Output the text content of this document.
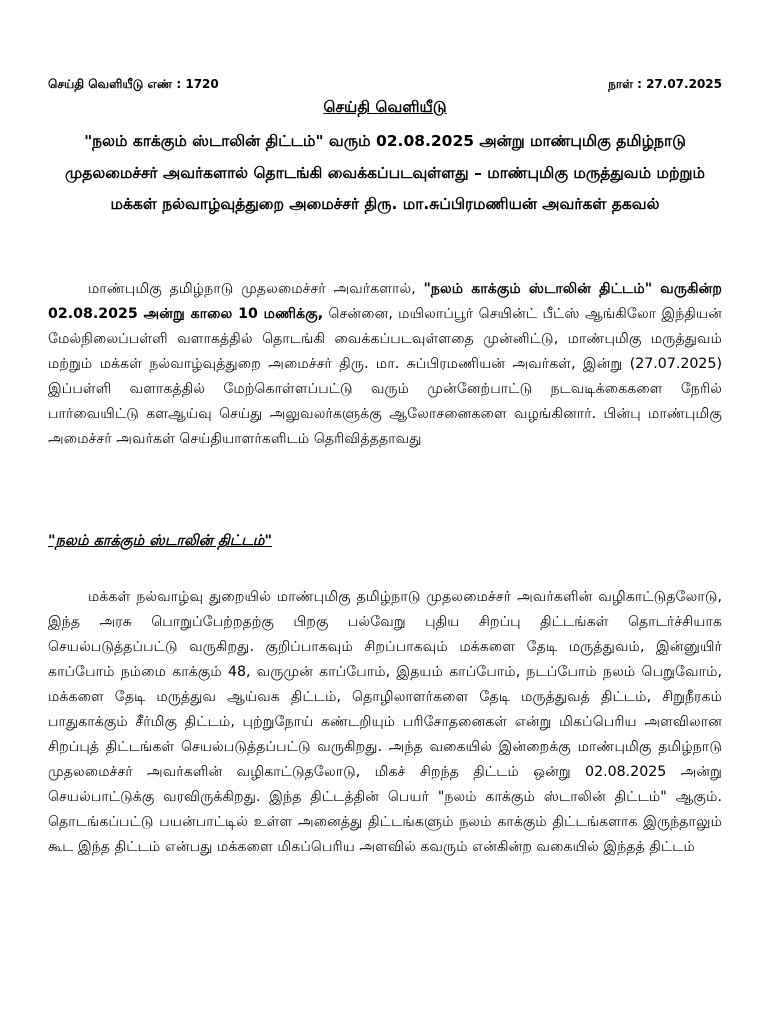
செய்தி வெளியீடு எண் : 1720	நாள் : 27.07.2025
செய்தி வெளியீடு
"நலம் காக்கும் ஸ்டாலின் திட்டம்" வரும் 02.08.2025 அன்று மாண்புமிகு தமிழ்நாடு முதலமைச்சர் அவர்களால் தொடங்கி வைக்கப்படவுள்ளது – மாண்புமிகு மருத்துவம் மற்றும் மக்கள் நல்வாழ்வுத்துறை அமைச்சர் திரு. மா.சுப்பிரமணியன் அவர்கள் தகவல்

மாண்புமிகு தமிழ்நாடு முதலமைச்சர் அவர்களால், "நலம் காக்கும் ஸ்டாலின் திட்டம்" வருகின்ற 02.08.2025 அன்று காலை 10 மணிக்கு, சென்னை, மயிலாப்பூர் செயின்ட் பீட்ஸ் ஆங்கிலோ இந்தியன் மேல்நிலைப்பள்ளி வளாகத்தில் தொடங்கி வைக்கப்படவுள்ளதை முன்னிட்டு, மாண்புமிகு மருத்துவம் மற்றும் மக்கள் நல்வாழ்வுத்துறை அமைச்சர் திரு. மா. சுப்பிரமணியன் அவர்கள், இன்று (27.07.2025) இப்பள்ளி வளாகத்தில் மேற்கொள்ளப்பட்டு வரும் முன்னேற்பாட்டு நடவடிக்கைகளை நேரில் பார்வையிட்டு களஆய்வு செய்து அலுவலர்களுக்கு ஆலோசனைகளை வழங்கினார். பின்பு மாண்புமிகு அமைச்சர் அவர்கள் செய்தியாளர்களிடம் தெரிவித்ததாவது

"நலம் காக்கும் ஸ்டாலின் திட்டம்"

மக்கள் நல்வாழ்வு துறையில் மாண்புமிகு தமிழ்நாடு முதலமைச்சர் அவர்களின் வழிகாட்டுதலோடு, இந்த அரசு பொறுப்பேற்றதற்கு பிறகு பல்வேறு புதிய சிறப்பு திட்டங்கள் தொடர்ச்சியாக செயல்படுத்தப்பட்டு வருகிறது. குறிப்பாகவும் சிறப்பாகவும் மக்களை தேடி மருத்துவம், இன்னுயிர் காப்போம் நம்மை காக்கும் 48, வருமுன் காப்போம், இதயம் காப்போம், நடப்போம் நலம் பெறுவோம், மக்களை தேடி மருத்துவ ஆய்வக திட்டம், தொழிலாளர்களை தேடி மருத்துவத் திட்டம், சிறுநீரகம் பாதுகாக்கும் சீர்மிகு திட்டம், புற்றுநோய் கண்டறியும் பரிசோதனைகள் என்று மிகப்பெரிய அளவிலான சிறப்புத் திட்டங்கள் செயல்படுத்தப்பட்டு வருகிறது. அந்த வகையில் இன்றைக்கு மாண்புமிகு தமிழ்நாடு முதலமைச்சர் அவர்களின் வழிகாட்டுதலோடு, மிகச் சிறந்த திட்டம் ஒன்று 02.08.2025 அன்று செயல்பாட்டுக்கு வரவிருக்கிறது. இந்த திட்டத்தின் பெயர் "நலம் காக்கும் ஸ்டாலின் திட்டம்" ஆகும். தொடங்கப்பட்டு பயன்பாட்டில் உள்ள அனைத்து திட்டங்களும் நலம் காக்கும் திட்டங்களாக இருந்தாலும் கூட இந்த திட்டம் என்பது மக்களை மிகப்பெரிய அளவில் கவரும் என்கின்ற வகையில் இந்தத் திட்டம்
